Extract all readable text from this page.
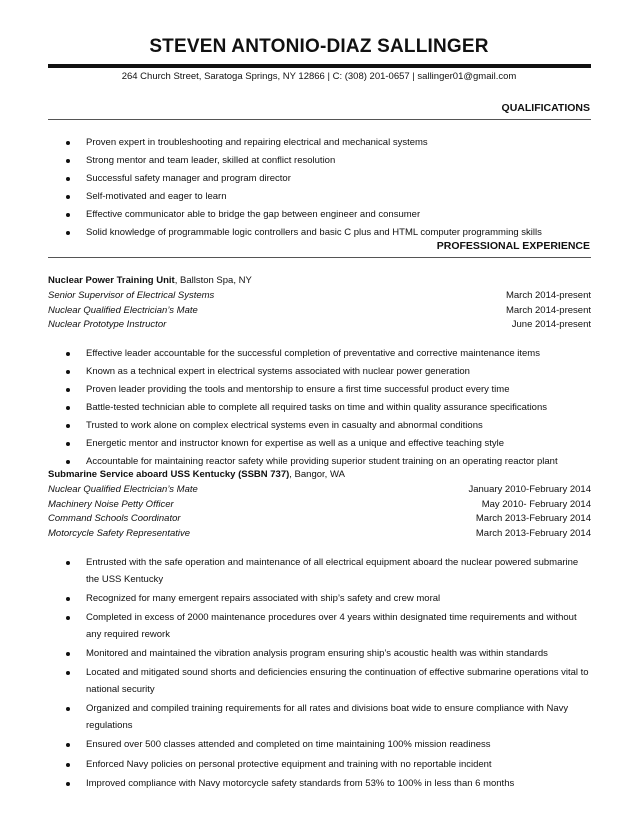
STEVEN ANTONIO-DIAZ SALLINGER
264 Church Street, Saratoga Springs, NY 12866 | C: (308) 201-0657 | sallinger01@gmail.com
QUALIFICATIONS
Proven expert in troubleshooting and repairing electrical and mechanical systems
Strong mentor and team leader, skilled at conflict resolution
Successful safety manager and program director
Self-motivated and eager to learn
Effective communicator able to bridge the gap between engineer and consumer
Solid knowledge of programmable logic controllers and basic C plus and HTML computer programming skills
PROFESSIONAL EXPERIENCE
Nuclear Power Training Unit, Ballston Spa, NY
Senior Supervisor of Electrical Systems	March 2014-present
Nuclear Qualified Electrician’s Mate	March 2014-present
Nuclear Prototype Instructor	June 2014-present
Effective leader accountable for the successful completion of preventative and corrective maintenance items
Known as a technical expert in electrical systems associated with nuclear power generation
Proven leader providing the tools and mentorship to ensure a first time successful product every time
Battle-tested technician able to complete all required tasks on time and within quality assurance specifications
Trusted to work alone on complex electrical systems even in casualty and abnormal conditions
Energetic mentor and instructor known for expertise as well as a unique and effective teaching style
Accountable for maintaining reactor safety while providing superior student training on an operating reactor plant
Submarine Service aboard USS Kentucky (SSBN 737), Bangor, WA
Nuclear Qualified Electrician’s Mate	January 2010-February 2014
Machinery Noise Petty Officer	May 2010- February 2014
Command Schools Coordinator	March 2013-February 2014
Motorcycle Safety Representative	March 2013-February 2014
Entrusted with the safe operation and maintenance of all electrical equipment aboard the nuclear powered submarine the USS Kentucky
Recognized for many emergent repairs associated with ship’s safety and crew moral
Completed in excess of 2000 maintenance procedures over 4 years within designated time requirements and without any required rework
Monitored and maintained the vibration analysis program ensuring ship’s acoustic health was within standards
Located and mitigated sound shorts and deficiencies ensuring the continuation of effective submarine operations vital to national security
Organized and compiled training requirements for all rates and divisions boat wide to ensure compliance with Navy regulations
Ensured over 500 classes attended and completed on time maintaining 100% mission readiness
Enforced Navy policies on personal protective equipment and training with no reportable incident
Improved compliance with Navy motorcycle safety standards from 53% to 100% in less than 6 months
